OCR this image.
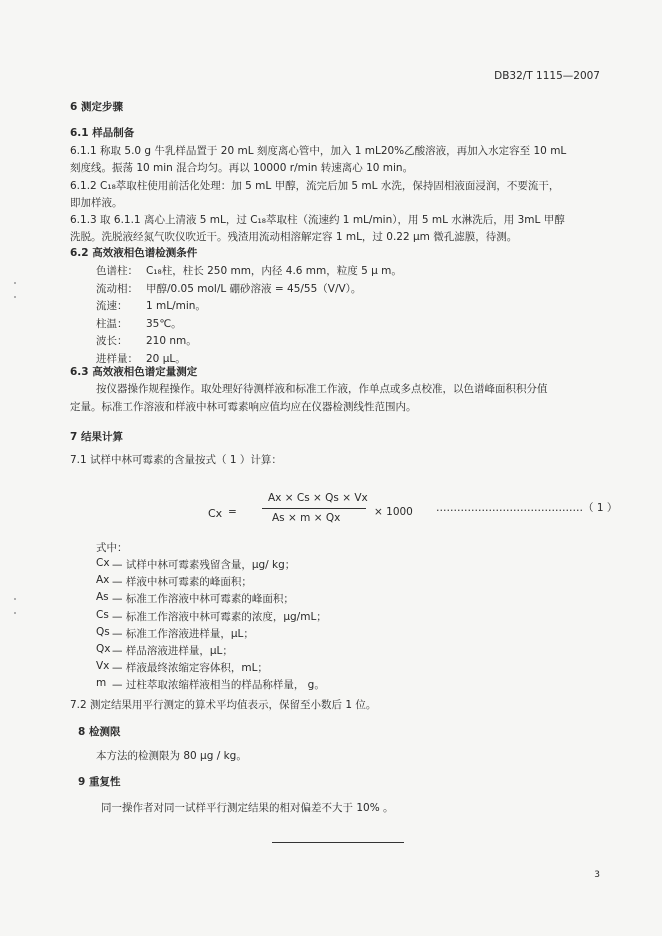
DB32/T 1115—2007
6 测定步骤
6.1 样品制备
6.1.1 称取 5.0 g 牛乳样品置于 20 mL 刻度离心管中，加入 1 mL20%乙酸溶液，再加入水定容至 10 mL
刻度线。振荡 10 min 混合均匀。再以 10000 r/min 转速离心 10 min。
6.1.2 C₁₈萃取柱使用前活化处理：加 5 mL 甲醇，流完后加 5 mL 水洗，保持固相液面浸润，不要流干，
即加样液。
6.1.3 取 6.1.1 离心上清液 5 mL，过 C₁₈萃取柱（流速约 1 mL/min），用 5 mL 水淋洗后，用 3mL 甲醇
洗脱。洗脱液经氮气吹仪吹近干。残渣用流动相溶解定容 1 mL，过 0.22 μm 微孔滤膜，待测。
6.2 高效液相色谱检测条件
色谱柱： C₁₈柱，柱长 250 mm，内径 4.6 mm，粒度 5 μ m。
流动相： 甲醇/0.05 mol/L 硼砂溶液 = 45/55（V/V）。
流速： 1 mL/min。
柱温： 35℃。
波长： 210 nm。
进样量： 20 μL。
6.3 高效液相色谱定量测定
按仪器操作规程操作。取处理好待测样液和标准工作液，作单点或多点校准，以色谱峰面积积分值
定量。标准工作溶液和样液中林可霉素响应值均应在仪器检测线性范围内。
7 结果计算
7.1 试样中林可霉素的含量按式（ 1 ）计算：
Cx =
Ax × Cs × Qs × Vx
As × m × Qx	× 1000 ……………………………………（ 1 ）
式中：
Cx — 试样中林可霉素残留含量，μg/ kg；
Ax — 样液中林可霉素的峰面积；
As — 标准工作溶液中林可霉素的峰面积；
Cs — 标准工作溶液中林可霉素的浓度，μg/mL；
Qs — 标准工作溶液进样量，μL；
Qx — 样品溶液进样量，μL；
Vx — 样液最终浓缩定容体积，mL；
m — 过柱萃取浓缩样液相当的样品称样量， g。
7.2 测定结果用平行测定的算术平均值表示，保留至小数后 1 位。
8 检测限
本方法的检测限为 80 μg / kg。
9 重复性
同一操作者对同一试样平行测定结果的相对偏差不大于 10% 。
3
